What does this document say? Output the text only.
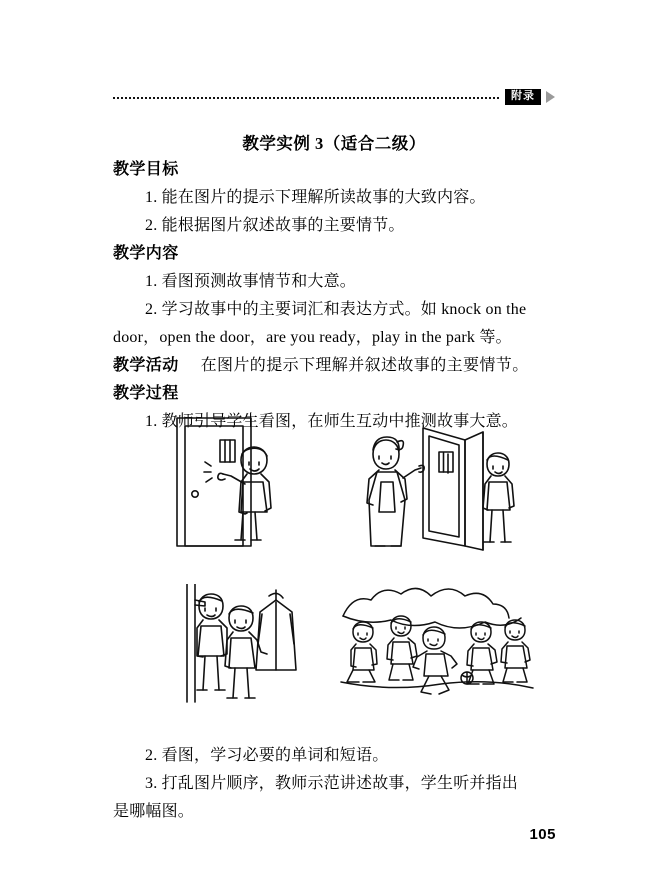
附录
教学实例 3（适合二级）
教学目标
1. 能在图片的提示下理解所读故事的大致内容。
2. 能根据图片叙述故事的主要情节。
教学内容
1. 看图预测故事情节和大意。
2. 学习故事中的主要词汇和表达方式。如 knock on the
door，open the door，are you ready，play in the park 等。
教学活动 在图片的提示下理解并叙述故事的主要情节。
教学过程
1. 教师引导学生看图，在师生互动中推测故事大意。
2. 看图，学习必要的单词和短语。
3. 打乱图片顺序，教师示范讲述故事，学生听并指出
是哪幅图。
105
